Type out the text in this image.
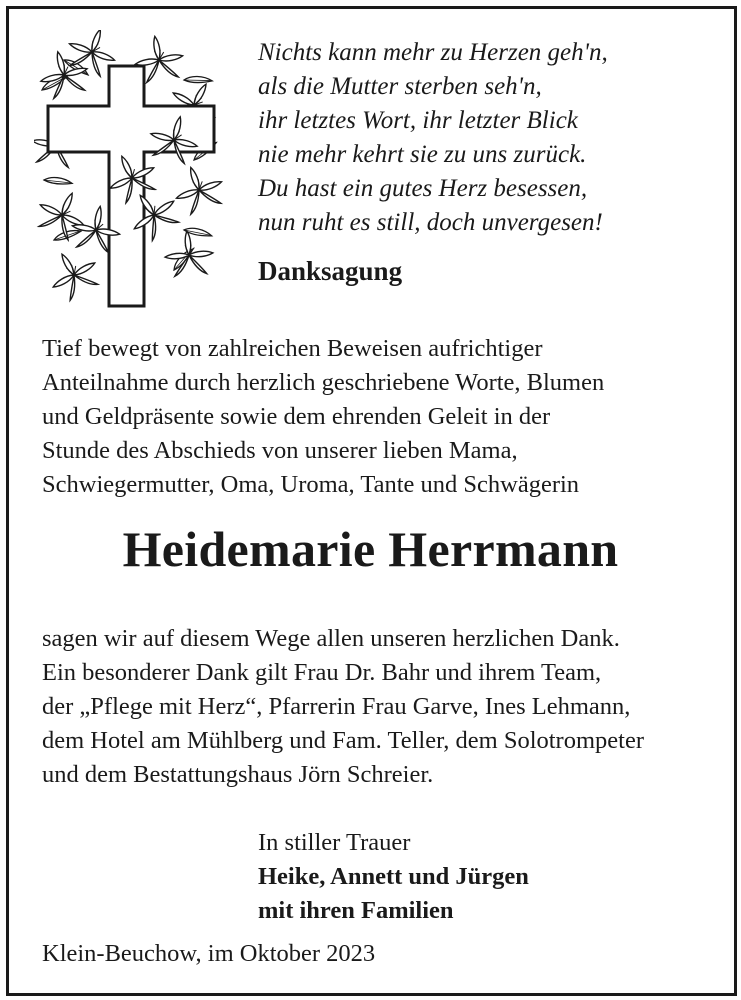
Nichts kann mehr zu Herzen geh'n,
als die Mutter sterben seh'n,
ihr letztes Wort, ihr letzter Blick
nie mehr kehrt sie zu uns zurück.
Du hast ein gutes Herz besessen,
nun ruht es still, doch unvergesen!
Danksagung
Tief bewegt von zahlreichen Beweisen aufrichtiger
Anteilnahme durch herzlich geschriebene Worte, Blumen
und Geldpräsente sowie dem ehrenden Geleit in der
Stunde des Abschieds von unserer lieben Mama,
Schwiegermutter, Oma, Uroma, Tante und Schwägerin
Heidemarie Herrmann
sagen wir auf diesem Wege allen unseren herzlichen Dank.
Ein besonderer Dank gilt Frau Dr. Bahr und ihrem Team,
der „Pflege mit Herz“, Pfarrerin Frau Garve, Ines Lehmann,
dem Hotel am Mühlberg und Fam. Teller, dem Solotrompeter
und dem Bestattungshaus Jörn Schreier.
In stiller Trauer
Heike, Annett und Jürgen
mit ihren Familien
Klein-Beuchow, im Oktober 2023
